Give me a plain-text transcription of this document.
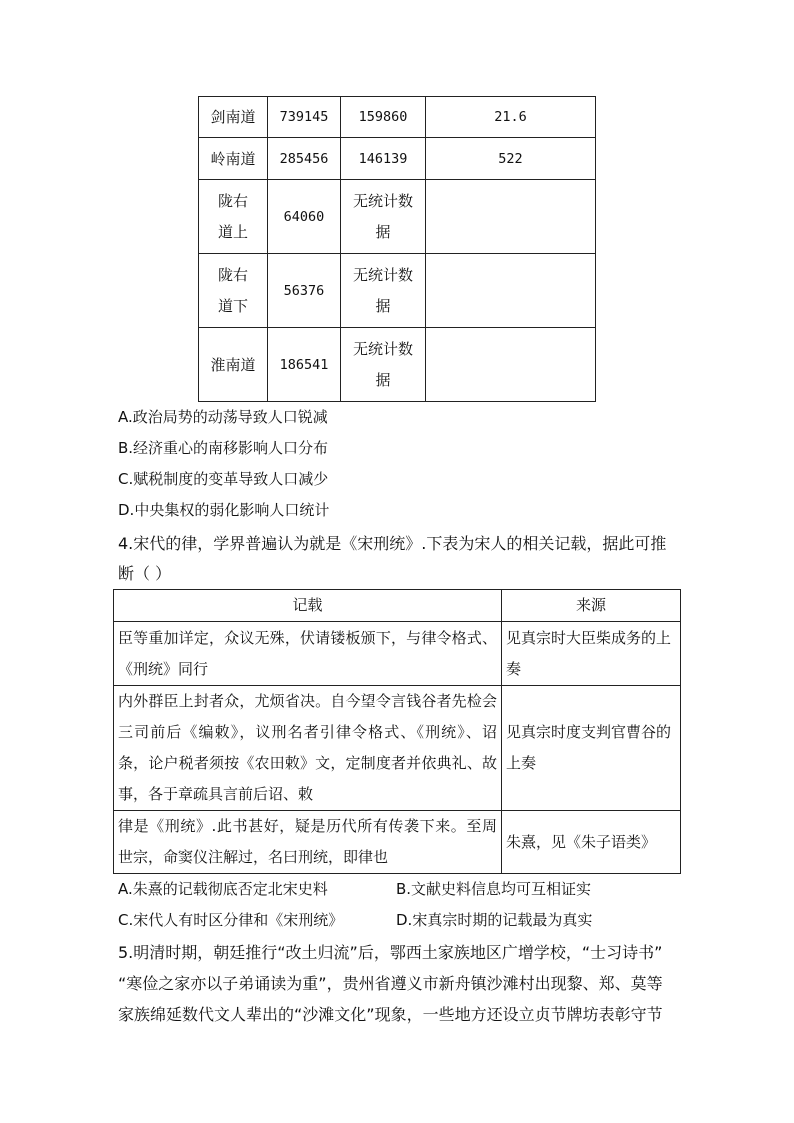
剑南道	739145	159860	21.6
岭南道	285456	146139	522
陇右道上	64060	无统计数据	
陇右道下	56376	无统计数据	
淮南道	186541	无统计数据	
A.政治局势的动荡导致人口锐减
B.经济重心的南移影响人口分布
C.赋税制度的变革导致人口减少
D.中央集权的弱化影响人口统计
4.宋代的律，学界普遍认为就是《宋刑统》.下表为宋人的相关记载，据此可推
断（ ）
记载	来源

臣等重加详定，众议无殊，伏请镂板颁下，与律令格式、《刑统》同行	见真宗时大臣柴成务的上奏

内外群臣上封者众，尤烦省决。自今望令言钱谷者先检会三司前后《编敕》，议刑名者引律令格式、《刑统》、诏条，论户税者须按《农田敕》文，定制度者并依典礼、故事，各于章疏具言前后诏、敕	见真宗时度支判官曹谷的上奏

律是《刑统》.此书甚好，疑是历代所有传袭下来。至周世宗，命窦仪注解过，名曰刑统，即律也	朱熹，见《朱子语类》
A.朱熹的记载彻底否定北宋史料	B.文献史料信息均可互相证实
C.宋代人有时区分律和《宋刑统》	D.宋真宗时期的记载最为真实
5.明清时期，朝廷推行“改土归流”后，鄂西土家族地区广增学校，“士习诗书”
“寒俭之家亦以子弟诵读为重”，贵州省遵义市新舟镇沙滩村出现黎、郑、莫等
家族绵延数代文人辈出的“沙滩文化”现象，一些地方还设立贞节牌坊表彰守节
